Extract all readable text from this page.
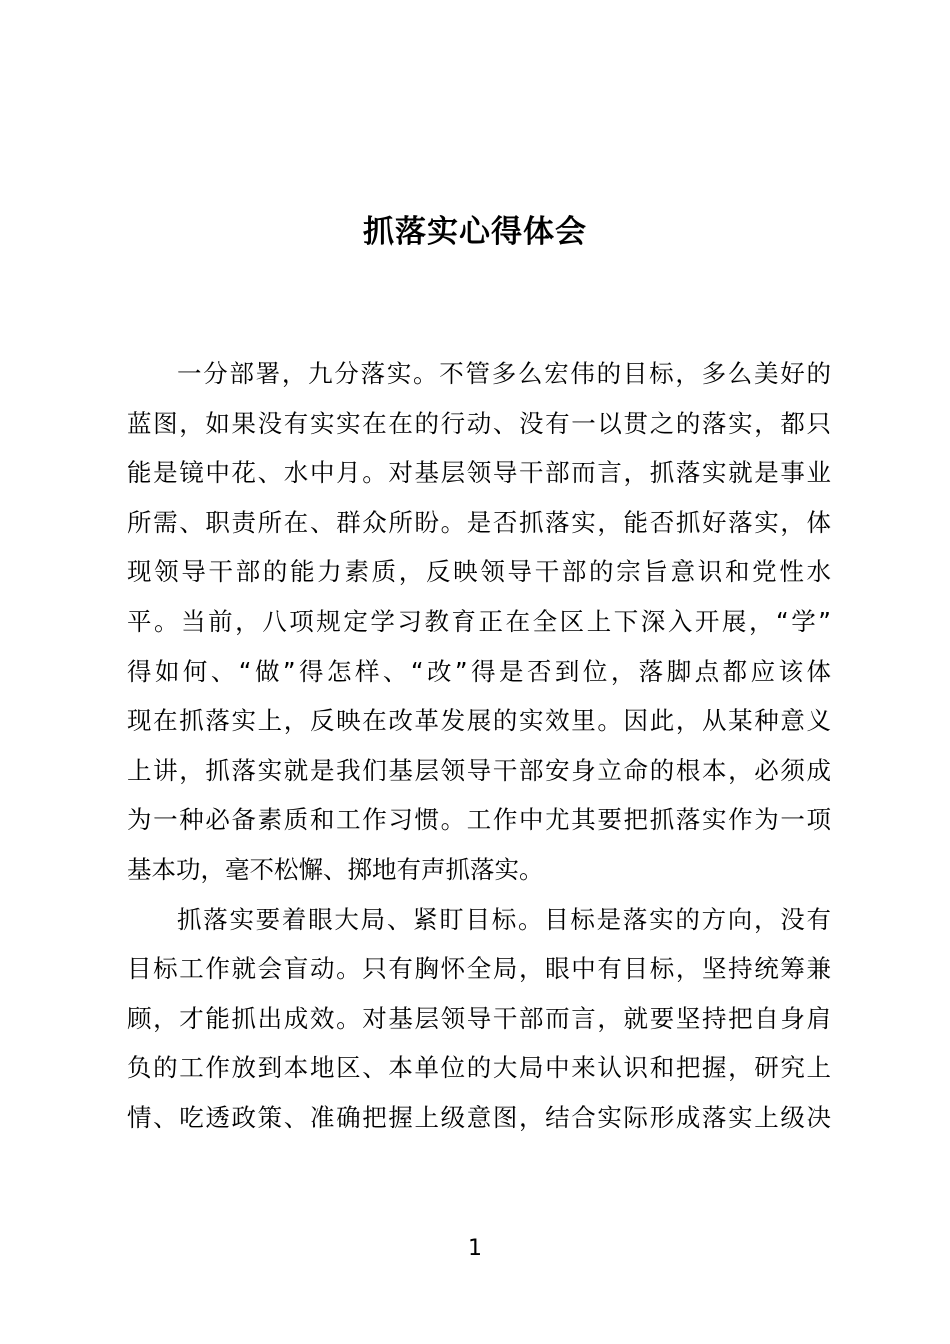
抓落实心得体会
一分部署，九分落实。不管多么宏伟的目标，多么美好的
蓝图，如果没有实实在在的行动、没有一以贯之的落实，都只
能是镜中花、水中月。对基层领导干部而言，抓落实就是事业
所需、职责所在、群众所盼。是否抓落实，能否抓好落实，体
现领导干部的能力素质，反映领导干部的宗旨意识和党性水
平。当前，八项规定学习教育正在全区上下深入开展，“学”
得如何、“做”得怎样、“改”得是否到位，落脚点都应该体
现在抓落实上，反映在改革发展的实效里。因此，从某种意义
上讲，抓落实就是我们基层领导干部安身立命的根本，必须成
为一种必备素质和工作习惯。工作中尤其要把抓落实作为一项
基本功，毫不松懈、掷地有声抓落实。
抓落实要着眼大局、紧盯目标。目标是落实的方向，没有
目标工作就会盲动。只有胸怀全局，眼中有目标，坚持统筹兼
顾，才能抓出成效。对基层领导干部而言，就要坚持把自身肩
负的工作放到本地区、本单位的大局中来认识和把握，研究上
情、吃透政策、准确把握上级意图，结合实际形成落实上级决
1
